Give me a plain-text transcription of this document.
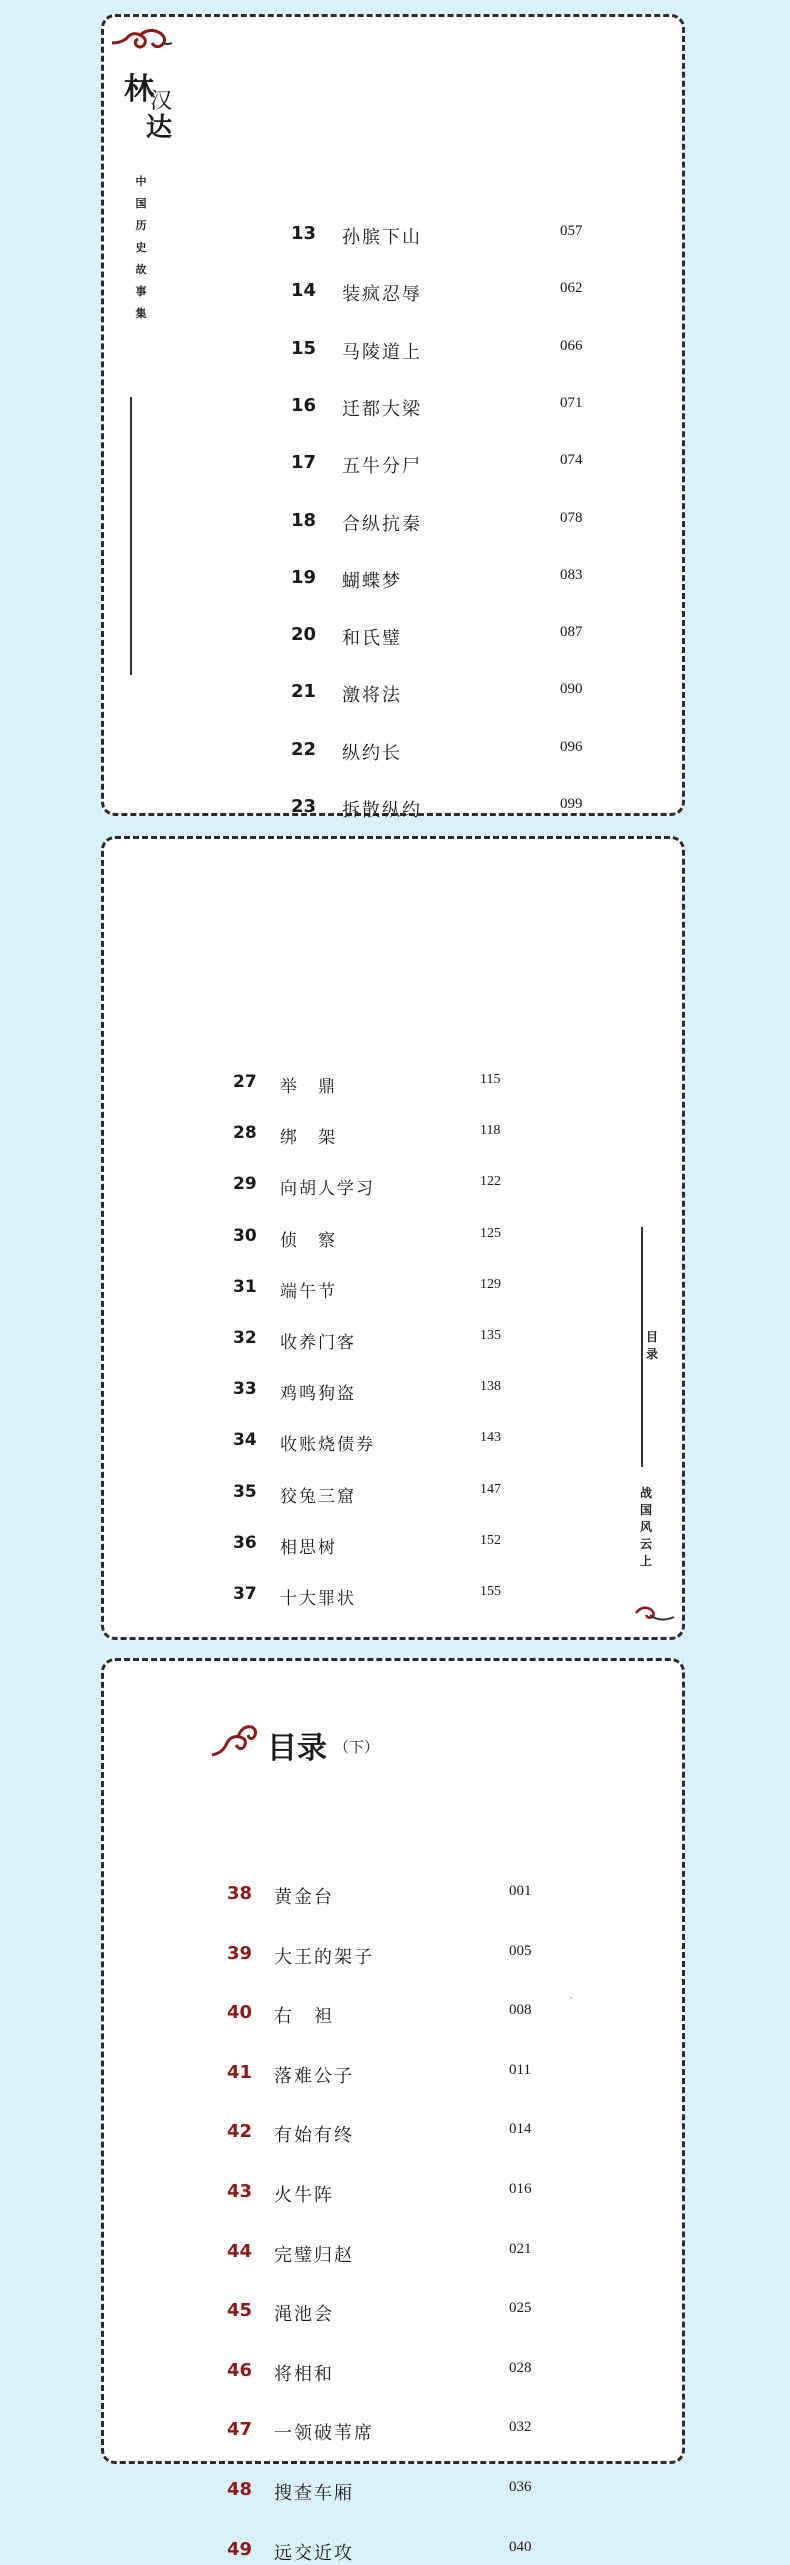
林
汉
达
中
国
历
史
故
事
集
13 孙膑下山	057
14 装疯忍辱	062
15 马陵道上	066
16 迁都大梁	071
17 五牛分尸	074
18 合纵抗秦	078
19 蝴蝶梦	083
20 和氏璧	087
21 激将法	090
22 纵约长	096
23 拆散纵约	099
27 举　鼎	115
28 绑　架	118
29 向胡人学习	122
30 侦　察	125
31 端午节	129
32 收养门客	135
33 鸡鸣狗盗	138
34 收账烧债券	143
35 狡兔三窟	147
36 相思树	152
37 十大罪状	155
目
录
战
国
风
云
上
目录 （下）
38 黄金台	001
39 大王的架子	005
40 右　袒	008
41 落难公子	011
42 有始有终	014
43 火牛阵	016
44 完璧归赵	021
45 渑池会	025
46 将相和	028
47 一领破苇席	032
48 搜查车厢	036
49 远交近攻	040
